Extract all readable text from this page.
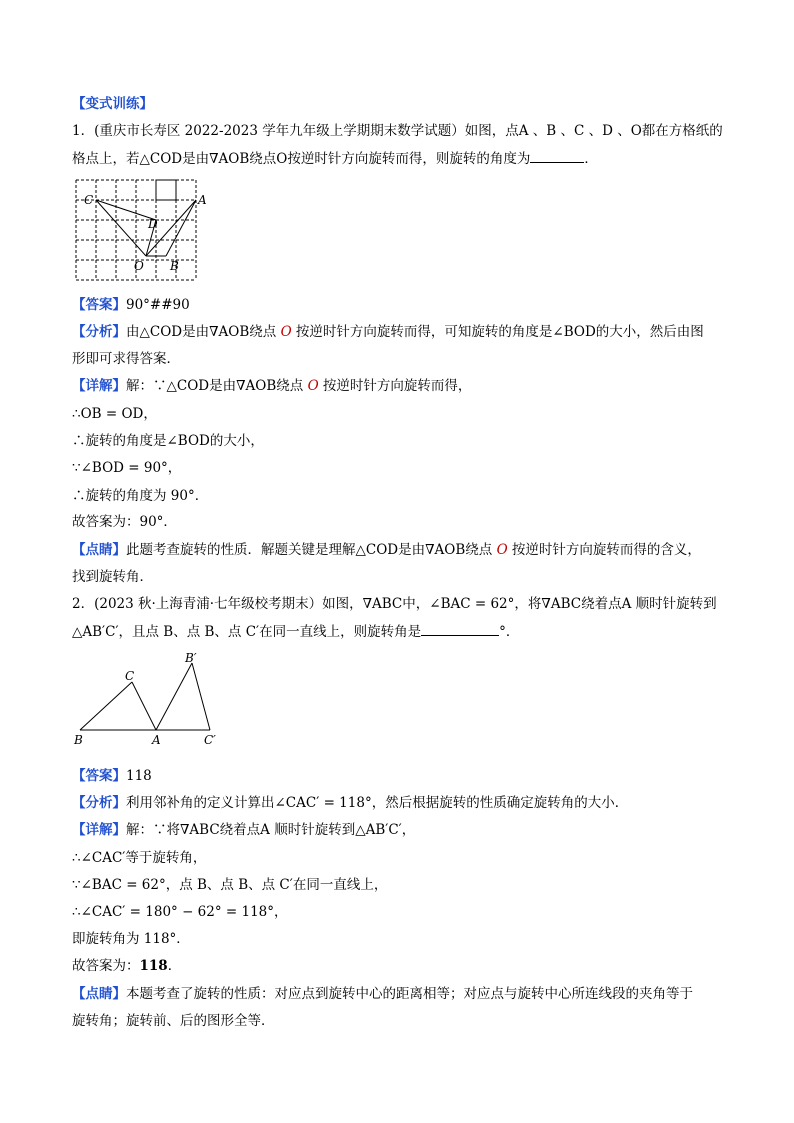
【变式训练】
1．(重庆市长寿区 2022-2023 学年九年级上学期期末数学试题）如图，点A 、B 、C 、D 、O都在方格纸的
格点上，若△COD是由∇AOB绕点O按逆时针方向旋转而得，则旋转的角度为	．
C	A
D
O B
【答案】90°##90
【分析】由△COD是由∇AOB绕点 O 按逆时针方向旋转而得，可知旋转的角度是∠BOD的大小，然后由图
形即可求得答案．
【详解】解：∵△COD是由∇AOB绕点 O 按逆时针方向旋转而得，
∴OB = OD，
∴旋转的角度是∠BOD的大小，
∵∠BOD = 90°，
∴旋转的角度为 90°．
故答案为：90°．
【点睛】此题考查旋转的性质．解题关键是理解△COD是由∇AOB绕点 O 按逆时针方向旋转而得的含义，
找到旋转角．
2．(2023 秋·上海青浦·七年级校考期末）如图，∇ABC中，∠BAC = 62°，将∇ABC绕着点A 顺时针旋转到
△AB′C′，且点 B、点 B、点 C′在同一直线上，则旋转角是	°．
C
B′
B	A	C′
【答案】118
【分析】利用邻补角的定义计算出∠CAC′ = 118°，然后根据旋转的性质确定旋转角的大小．
【详解】解：∵将∇ABC绕着点A 顺时针旋转到△AB′C′，
∴∠CAC′等于旋转角，
∵∠BAC = 62°，点 B、点 B、点 C′在同一直线上，
∴∠CAC′ = 180° − 62° = 118°，
即旋转角为 118°．
故答案为：118．
【点睛】本题考查了旋转的性质：对应点到旋转中心的距离相等；对应点与旋转中心所连线段的夹角等于
旋转角；旋转前、后的图形全等．
